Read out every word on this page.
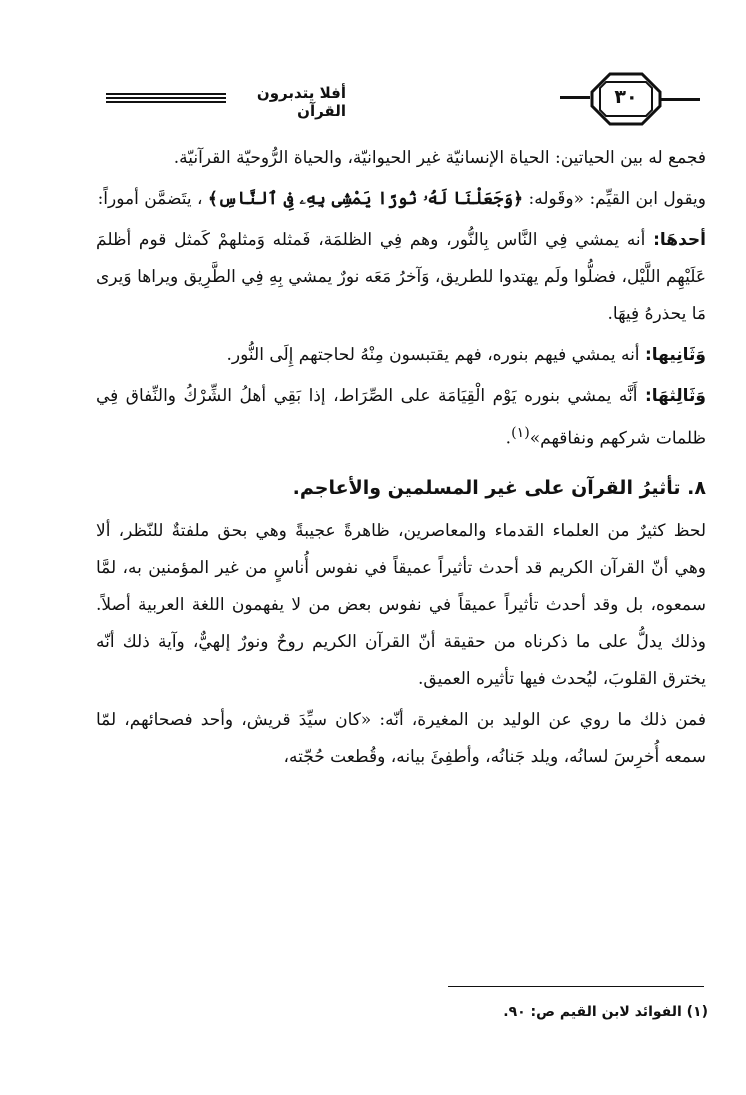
٣٠
أفلا يتدبرون القرآن

فجمع له بين الحياتين: الحياة الإنسانيّة غير الحيوانيّة، والحياة الرُّوحيّة القرآنيّة.

ويقول ابن القيِّم: «وقَوله: ﴿وَجَعَلْنَا لَهُۥ نُورًا يَمْشِى بِهِۦ فِى ٱلنَّاسِ﴾ ، يتَضمَّن أموراً:

أحدهَا: أنه يمشي فِي النَّاس بِالنُّور، وهم فِي الظلمَة، فَمثله وَمثلهمْ كَمثل قوم أظلمَ عَلَيْهِم اللَّيْل، فضلُّوا ولَم يهتدوا للطريق، وَآخرُ مَعَه نورٌ يمشي بِهِ فِي الطَّرِيق ويراها وَيرى مَا يحذرهُ فِيهَا.

وَثَانِيها: أنه يمشي فيهم بنوره، فهم يقتبسون مِنْهُ لحاجتهم إِلَى النُّور.

وَثَالِثهَا: أَنَّه يمشي بنوره يَوْم الْقِيَامَة على الصِّرَاط، إذا بَقِي أهلُ الشِّرْكُ والنِّفاق فِي ظلمات شركهم ونفاقهم»$^{(١)}$.

٨. تأثيرُ القرآن على غير المسلمين والأعاجم.

لحظ كثيرٌ من العلماء القدماء والمعاصرين، ظاهرةً عجيبةً وهي بحق ملفتةٌ للنّظر، ألا وهي أنّ القرآن الكريم قد أحدث تأثيراً عميقاً في نفوس أُناسٍ من غير المؤمنين به، لمَّا سمعوه، بل وقد أحدث تأثيراً عميقاً في نفوس بعض من لا يفهمون اللغة العربية أصلاً. وذلك يدلُّ على ما ذكرناه من حقيقة أنّ القرآن الكريم روحٌ ونورٌ إلهيٌّ، وآية ذلك أنّه يخترق القلوبَ، ليُحدث فيها تأثيره العميق.

فمن ذلك ما روي عن الوليد بن المغيرة، أنّه: «كان سيِّدَ قريش، وأحد فصحائهم، لمّا سمعه أُخرِسَ لسانُه، ويلد جَنانُه، وأطفِئَ بيانه، وقُطعت حُجّته،

(١) الفوائد لابن القيم ص: ٩٠.
